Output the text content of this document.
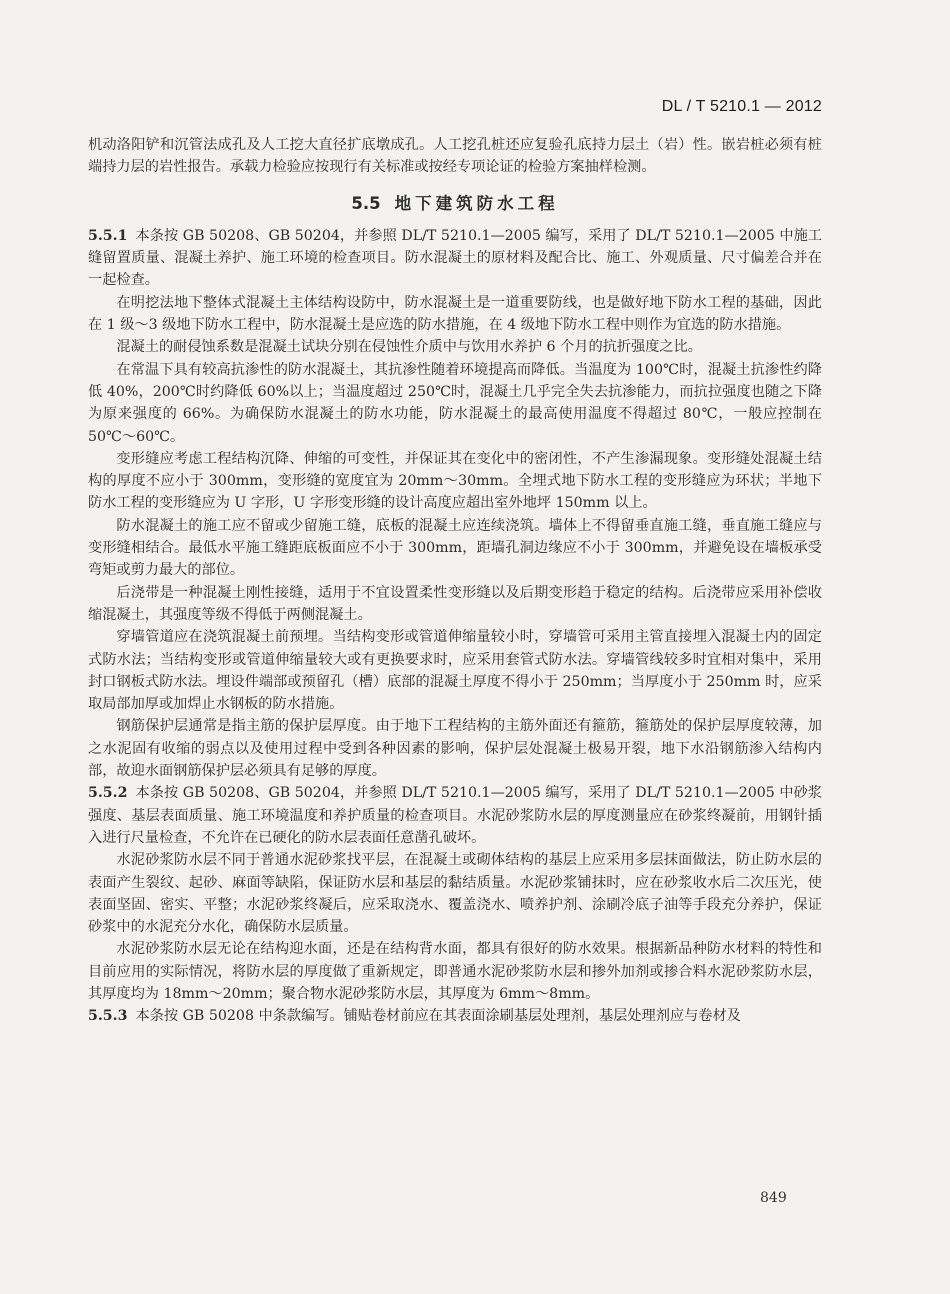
DL / T 5210.1 — 2012

机动洛阳铲和沉管法成孔及人工挖大直径扩底墩成孔。人工挖孔桩还应复验孔底持力层土（岩）性。嵌岩桩必须有桩端持力层的岩性报告。承载力检验应按现行有关标准或按经专项论证的检验方案抽样检测。

5.5 地下建筑防水工程

5.5.1 本条按 GB 50208、GB 50204，并参照 DL/T 5210.1—2005 编写，采用了 DL/T 5210.1—2005 中施工缝留置质量、混凝土养护、施工环境的检查项目。防水混凝土的原材料及配合比、施工、外观质量、尺寸偏差合并在一起检查。

在明挖法地下整体式混凝土主体结构设防中，防水混凝土是一道重要防线，也是做好地下防水工程的基础，因此在 1 级～3 级地下防水工程中，防水混凝土是应选的防水措施，在 4 级地下防水工程中则作为宜选的防水措施。

混凝土的耐侵蚀系数是混凝土试块分别在侵蚀性介质中与饮用水养护 6 个月的抗折强度之比。

在常温下具有较高抗渗性的防水混凝土，其抗渗性随着环境提高而降低。当温度为 100℃时，混凝土抗渗性约降低 40%，200℃时约降低 60%以上；当温度超过 250℃时，混凝土几乎完全失去抗渗能力，而抗拉强度也随之下降为原来强度的 66%。为确保防水混凝土的防水功能，防水混凝土的最高使用温度不得超过 80℃，一般应控制在 50℃～60℃。

变形缝应考虑工程结构沉降、伸缩的可变性，并保证其在变化中的密闭性，不产生渗漏现象。变形缝处混凝土结构的厚度不应小于 300mm，变形缝的宽度宜为 20mm～30mm。全埋式地下防水工程的变形缝应为环状；半地下防水工程的变形缝应为 U 字形，U 字形变形缝的设计高度应超出室外地坪 150mm 以上。

防水混凝土的施工应不留或少留施工缝，底板的混凝土应连续浇筑。墙体上不得留垂直施工缝，垂直施工缝应与变形缝相结合。最低水平施工缝距底板面应不小于 300mm，距墙孔洞边缘应不小于 300mm，并避免设在墙板承受弯矩或剪力最大的部位。

后浇带是一种混凝土刚性接缝，适用于不宜设置柔性变形缝以及后期变形趋于稳定的结构。后浇带应采用补偿收缩混凝土，其强度等级不得低于两侧混凝土。

穿墙管道应在浇筑混凝土前预埋。当结构变形或管道伸缩量较小时，穿墙管可采用主管直接埋入混凝土内的固定式防水法；当结构变形或管道伸缩量较大或有更换要求时，应采用套管式防水法。穿墙管线较多时宜相对集中，采用封口钢板式防水法。埋设件端部或预留孔（槽）底部的混凝土厚度不得小于 250mm；当厚度小于 250mm 时，应采取局部加厚或加焊止水钢板的防水措施。

钢筋保护层通常是指主筋的保护层厚度。由于地下工程结构的主筋外面还有箍筋，箍筋处的保护层厚度较薄，加之水泥固有收缩的弱点以及使用过程中受到各种因素的影响，保护层处混凝土极易开裂，地下水沿钢筋渗入结构内部，故迎水面钢筋保护层必须具有足够的厚度。

5.5.2 本条按 GB 50208、GB 50204，并参照 DL/T 5210.1—2005 编写，采用了 DL/T 5210.1—2005 中砂浆强度、基层表面质量、施工环境温度和养护质量的检查项目。水泥砂浆防水层的厚度测量应在砂浆终凝前，用钢针插入进行尺量检查，不允许在已硬化的防水层表面任意凿孔破坏。

水泥砂浆防水层不同于普通水泥砂浆找平层，在混凝土或砌体结构的基层上应采用多层抹面做法，防止防水层的表面产生裂纹、起砂、麻面等缺陷，保证防水层和基层的黏结质量。水泥砂浆铺抹时，应在砂浆收水后二次压光，使表面坚固、密实、平整；水泥砂浆终凝后，应采取浇水、覆盖浇水、喷养护剂、涂刷冷底子油等手段充分养护，保证砂浆中的水泥充分水化，确保防水层质量。

水泥砂浆防水层无论在结构迎水面，还是在结构背水面，都具有很好的防水效果。根据新品种防水材料的特性和目前应用的实际情况，将防水层的厚度做了重新规定，即普通水泥砂浆防水层和掺外加剂或掺合料水泥砂浆防水层，其厚度均为 18mm～20mm；聚合物水泥砂浆防水层，其厚度为 6mm～8mm。

5.5.3 本条按 GB 50208 中条款编写。铺贴卷材前应在其表面涂刷基层处理剂，基层处理剂应与卷材及

849
